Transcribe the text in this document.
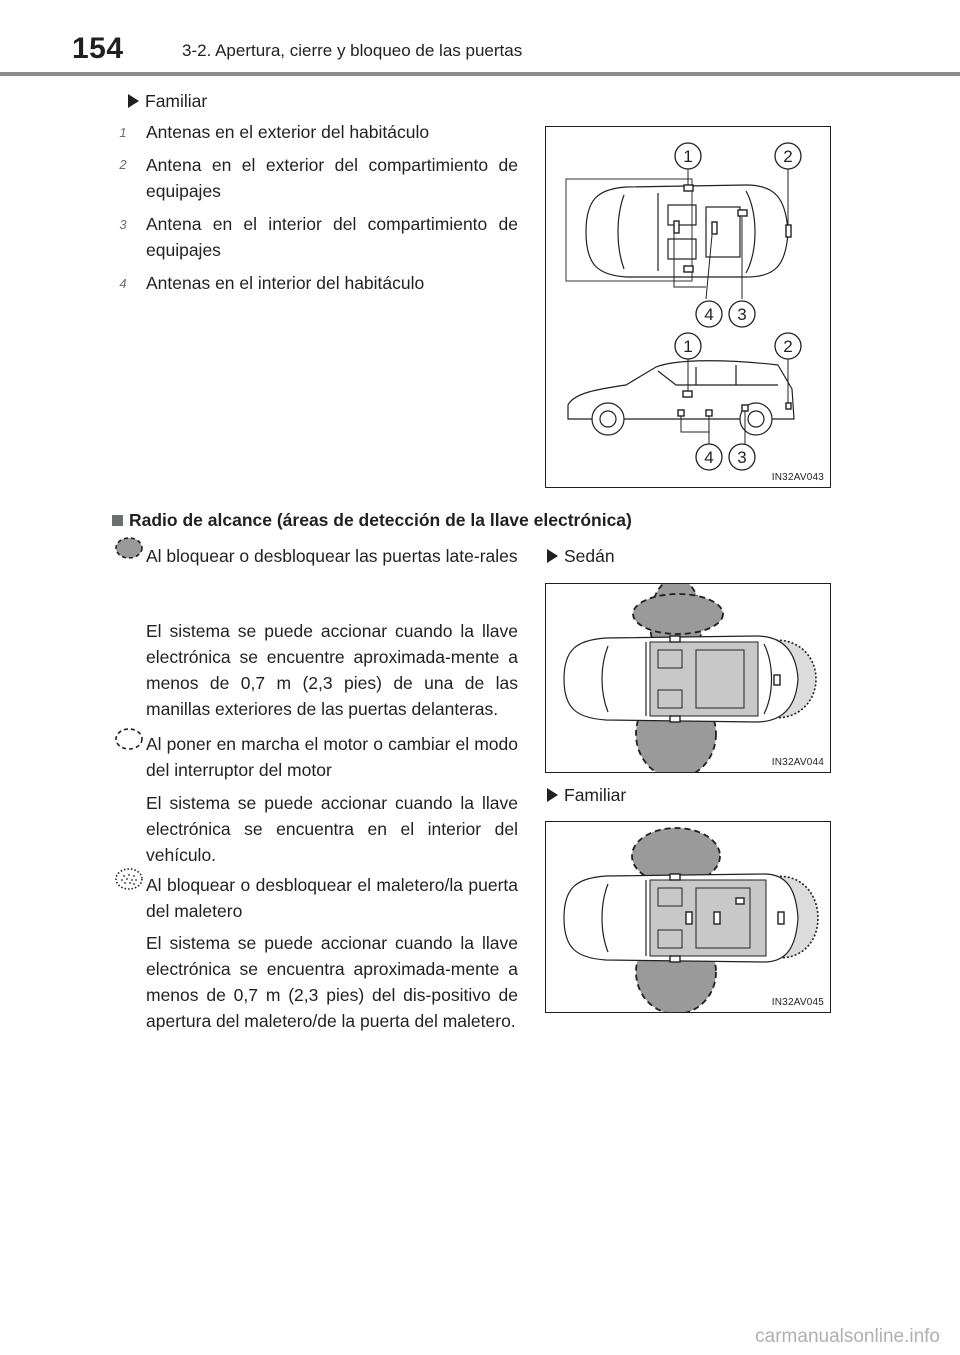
154	3-2. Apertura, cierre y bloqueo de las puertas
Familiar
1	Antenas en el exterior del habitáculo
2	Antena en el exterior del compartimiento de equipajes
3	Antena en el interior del compartimiento de equipajes
4	Antenas en el interior del habitáculo
1	2
4 3
1	2
4 3
IN32AV043
Radio de alcance (áreas de detección de la llave electrónica)
Al bloquear o desbloquear las puertas late-rales
El sistema se puede accionar cuando la llave electrónica se encuentre aproximada-mente a menos de 0,7 m (2,3 pies) de una de las manillas exteriores de las puertas delanteras.
Al poner en marcha el motor o cambiar el modo del interruptor del motor
El sistema se puede accionar cuando la llave electrónica se encuentra en el interior del vehículo.
Al bloquear o desbloquear el maletero/la puerta del maletero
El sistema se puede accionar cuando la llave electrónica se encuentra aproximada-mente a menos de 0,7 m (2,3 pies) del dis-positivo de apertura del maletero/de la puerta del maletero.
Sedán
Familiar
IN32AV044
IN32AV045
carmanualsonline.info
